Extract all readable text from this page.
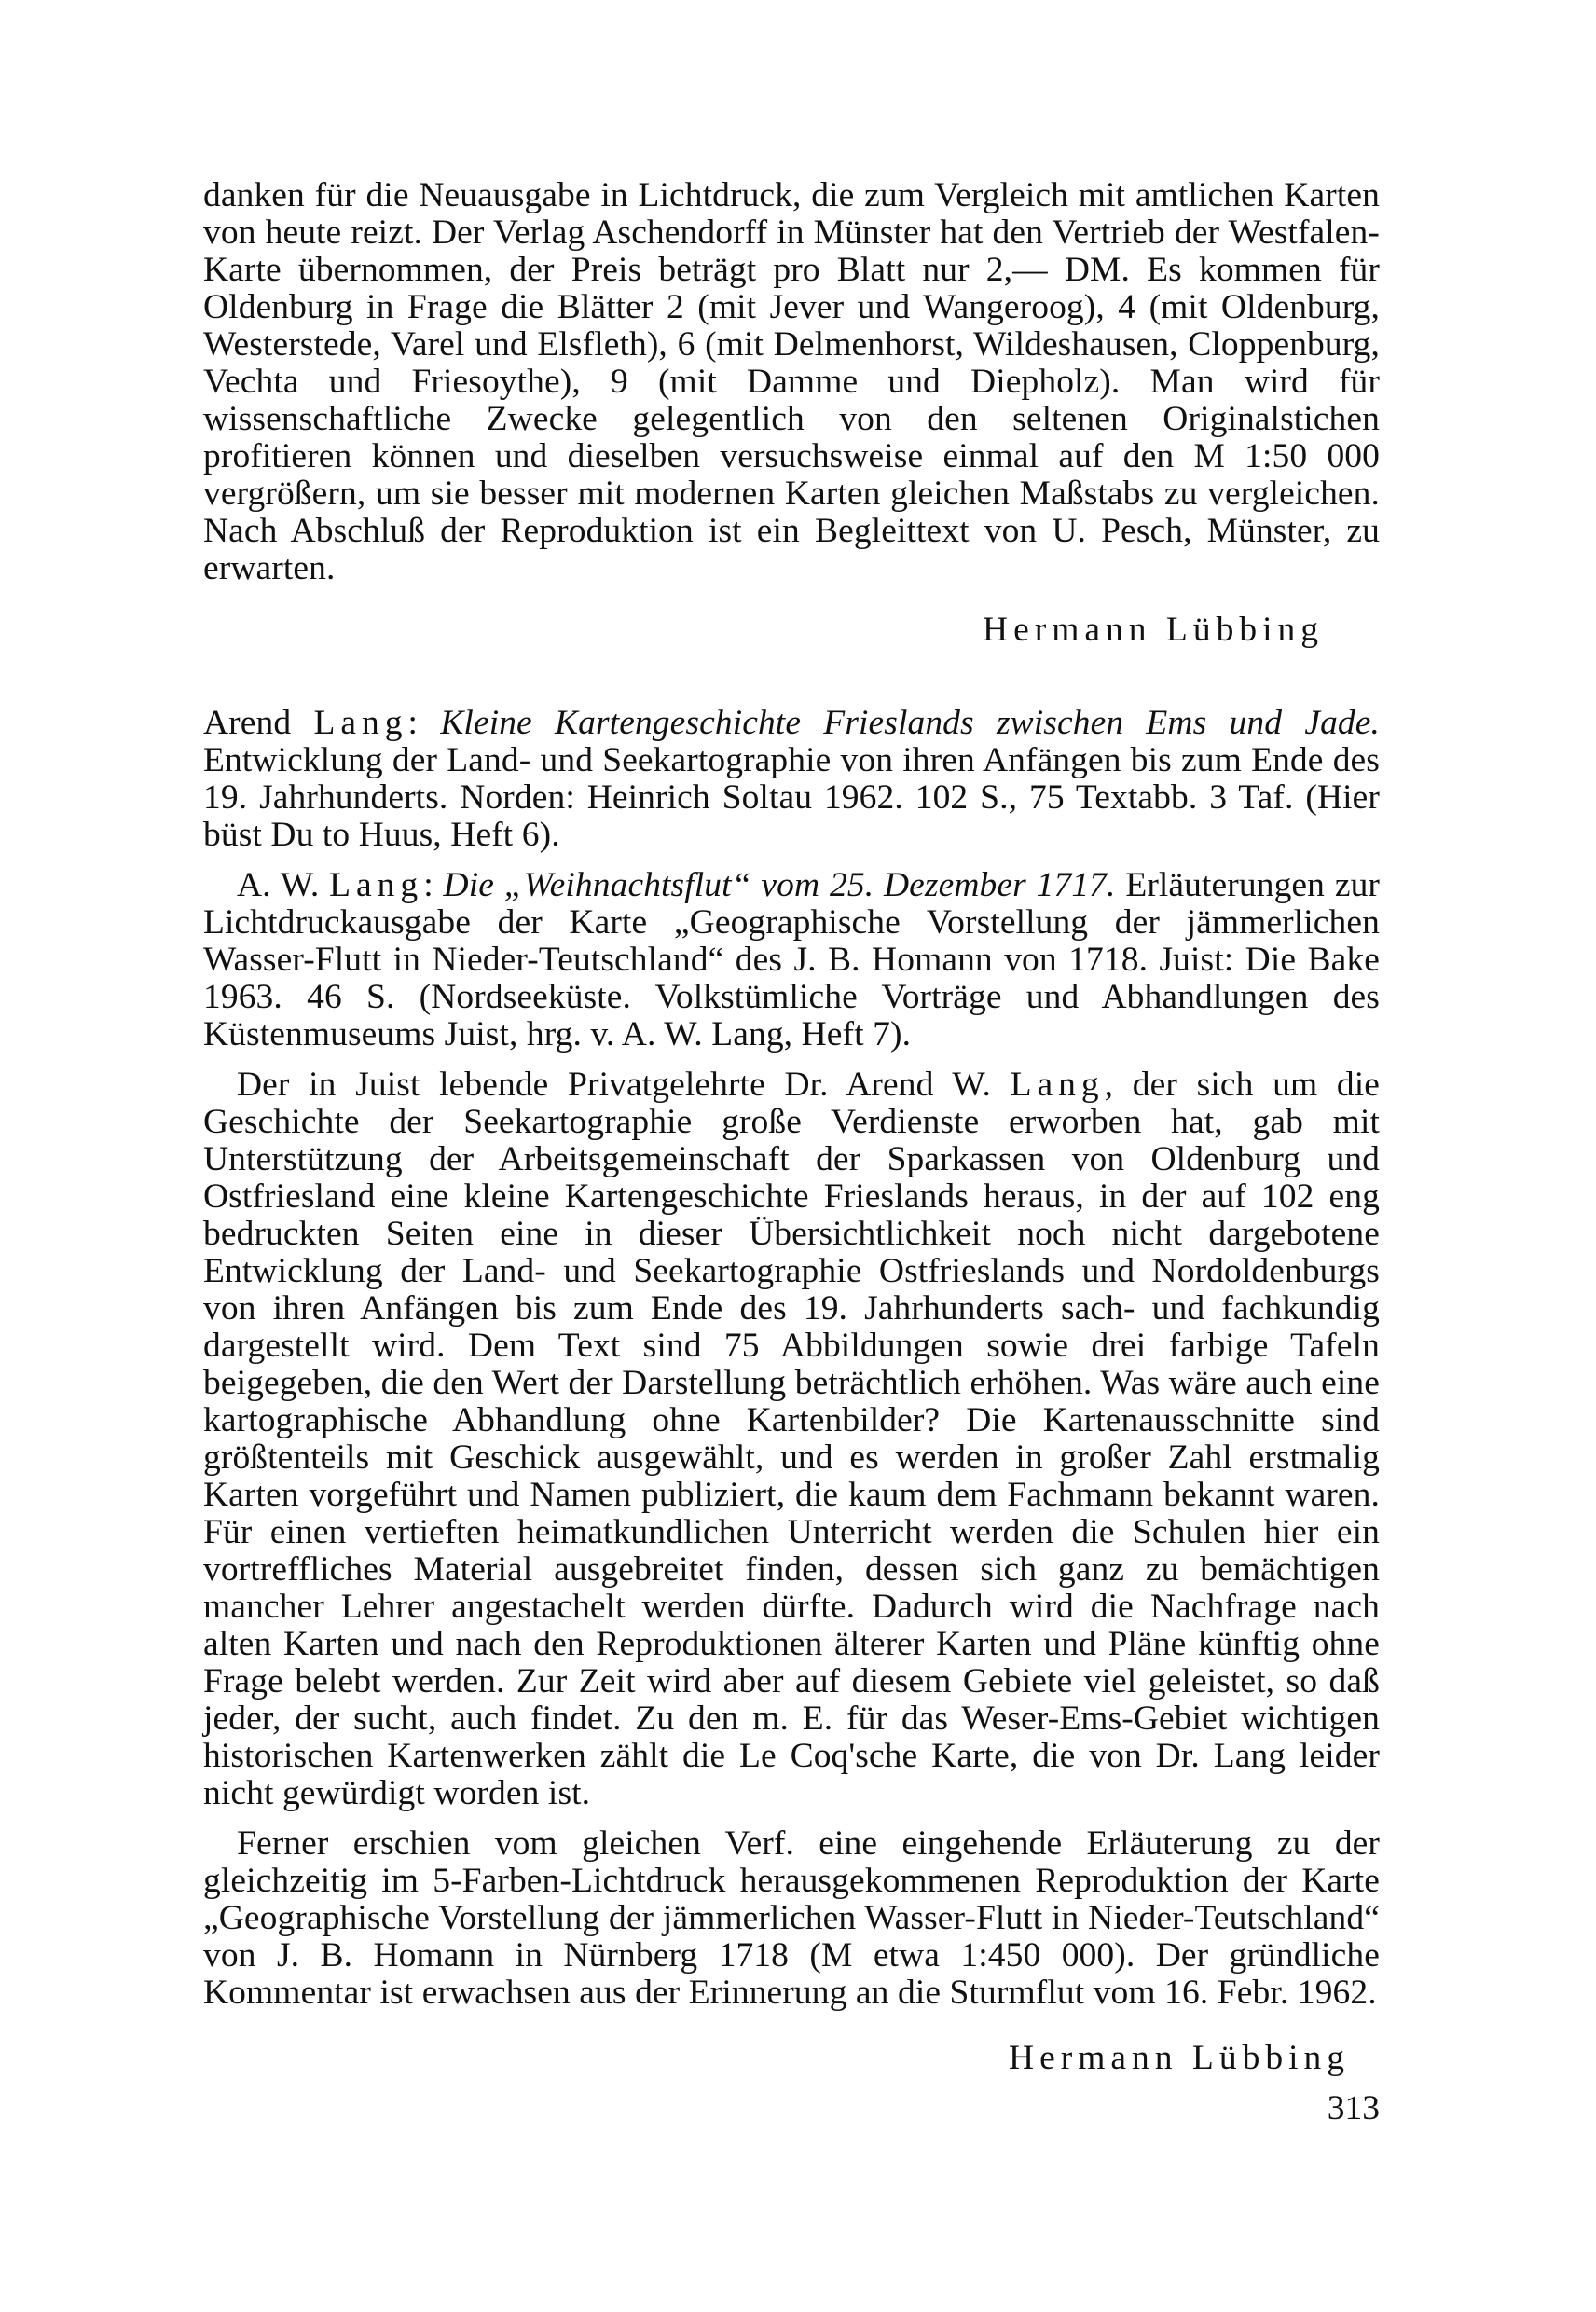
danken für die Neuausgabe in Lichtdruck, die zum Vergleich mit amtlichen Karten von heute reizt. Der Verlag Aschendorff in Münster hat den Vertrieb der Westfalen-Karte übernommen, der Preis beträgt pro Blatt nur 2,— DM. Es kommen für Oldenburg in Frage die Blätter 2 (mit Jever und Wangeroog), 4 (mit Oldenburg, Westerstede, Varel und Elsfleth), 6 (mit Delmenhorst, Wildeshausen, Cloppenburg, Vechta und Friesoythe), 9 (mit Damme und Diepholz). Man wird für wissenschaftliche Zwecke gelegentlich von den seltenen Originalstichen profitieren können und dieselben versuchsweise einmal auf den M 1:50 000 vergrößern, um sie besser mit modernen Karten gleichen Maßstabs zu vergleichen. Nach Abschluß der Reproduktion ist ein Begleittext von U. Pesch, Münster, zu erwarten.

Hermann Lübbing

Arend Lang: Kleine Kartengeschichte Frieslands zwischen Ems und Jade. Entwicklung der Land- und Seekartographie von ihren Anfängen bis zum Ende des 19. Jahrhunderts. Norden: Heinrich Soltau 1962. 102 S., 75 Textabb. 3 Taf. (Hier büst Du to Huus, Heft 6).

A. W. Lang: Die „Weihnachtsflut“ vom 25. Dezember 1717. Erläuterungen zur Lichtdruckausgabe der Karte „Geographische Vorstellung der jämmerlichen Wasser-Flutt in Nieder-Teutschland“ des J. B. Homann von 1718. Juist: Die Bake 1963. 46 S. (Nordseeküste. Volkstümliche Vorträge und Abhandlungen des Küstenmuseums Juist, hrg. v. A. W. Lang, Heft 7).

Der in Juist lebende Privatgelehrte Dr. Arend W. Lang, der sich um die Geschichte der Seekartographie große Verdienste erworben hat, gab mit Unterstützung der Arbeitsgemeinschaft der Sparkassen von Oldenburg und Ostfriesland eine kleine Kartengeschichte Frieslands heraus, in der auf 102 eng bedruckten Seiten eine in dieser Übersichtlichkeit noch nicht dargebotene Entwicklung der Land- und Seekartographie Ostfrieslands und Nordoldenburgs von ihren Anfängen bis zum Ende des 19. Jahrhunderts sach- und fachkundig dargestellt wird. Dem Text sind 75 Abbildungen sowie drei farbige Tafeln beigegeben, die den Wert der Darstellung beträchtlich erhöhen. Was wäre auch eine kartographische Abhandlung ohne Kartenbilder? Die Kartenausschnitte sind größtenteils mit Geschick ausgewählt, und es werden in großer Zahl erstmalig Karten vorgeführt und Namen publiziert, die kaum dem Fachmann bekannt waren. Für einen vertieften heimatkundlichen Unterricht werden die Schulen hier ein vortreffliches Material ausgebreitet finden, dessen sich ganz zu bemächtigen mancher Lehrer angestachelt werden dürfte. Dadurch wird die Nachfrage nach alten Karten und nach den Reproduktionen älterer Karten und Pläne künftig ohne Frage belebt werden. Zur Zeit wird aber auf diesem Gebiete viel geleistet, so daß jeder, der sucht, auch findet. Zu den m. E. für das Weser-Ems-Gebiet wichtigen historischen Kartenwerken zählt die Le Coq'sche Karte, die von Dr. Lang leider nicht gewürdigt worden ist.

Ferner erschien vom gleichen Verf. eine eingehende Erläuterung zu der gleichzeitig im 5-Farben-Lichtdruck herausgekommenen Reproduktion der Karte „Geographische Vorstellung der jämmerlichen Wasser-Flutt in Nieder-Teutschland“ von J. B. Homann in Nürnberg 1718 (M etwa 1:450 000). Der gründliche Kommentar ist erwachsen aus der Erinnerung an die Sturmflut vom 16. Febr. 1962.

Hermann Lübbing

313
